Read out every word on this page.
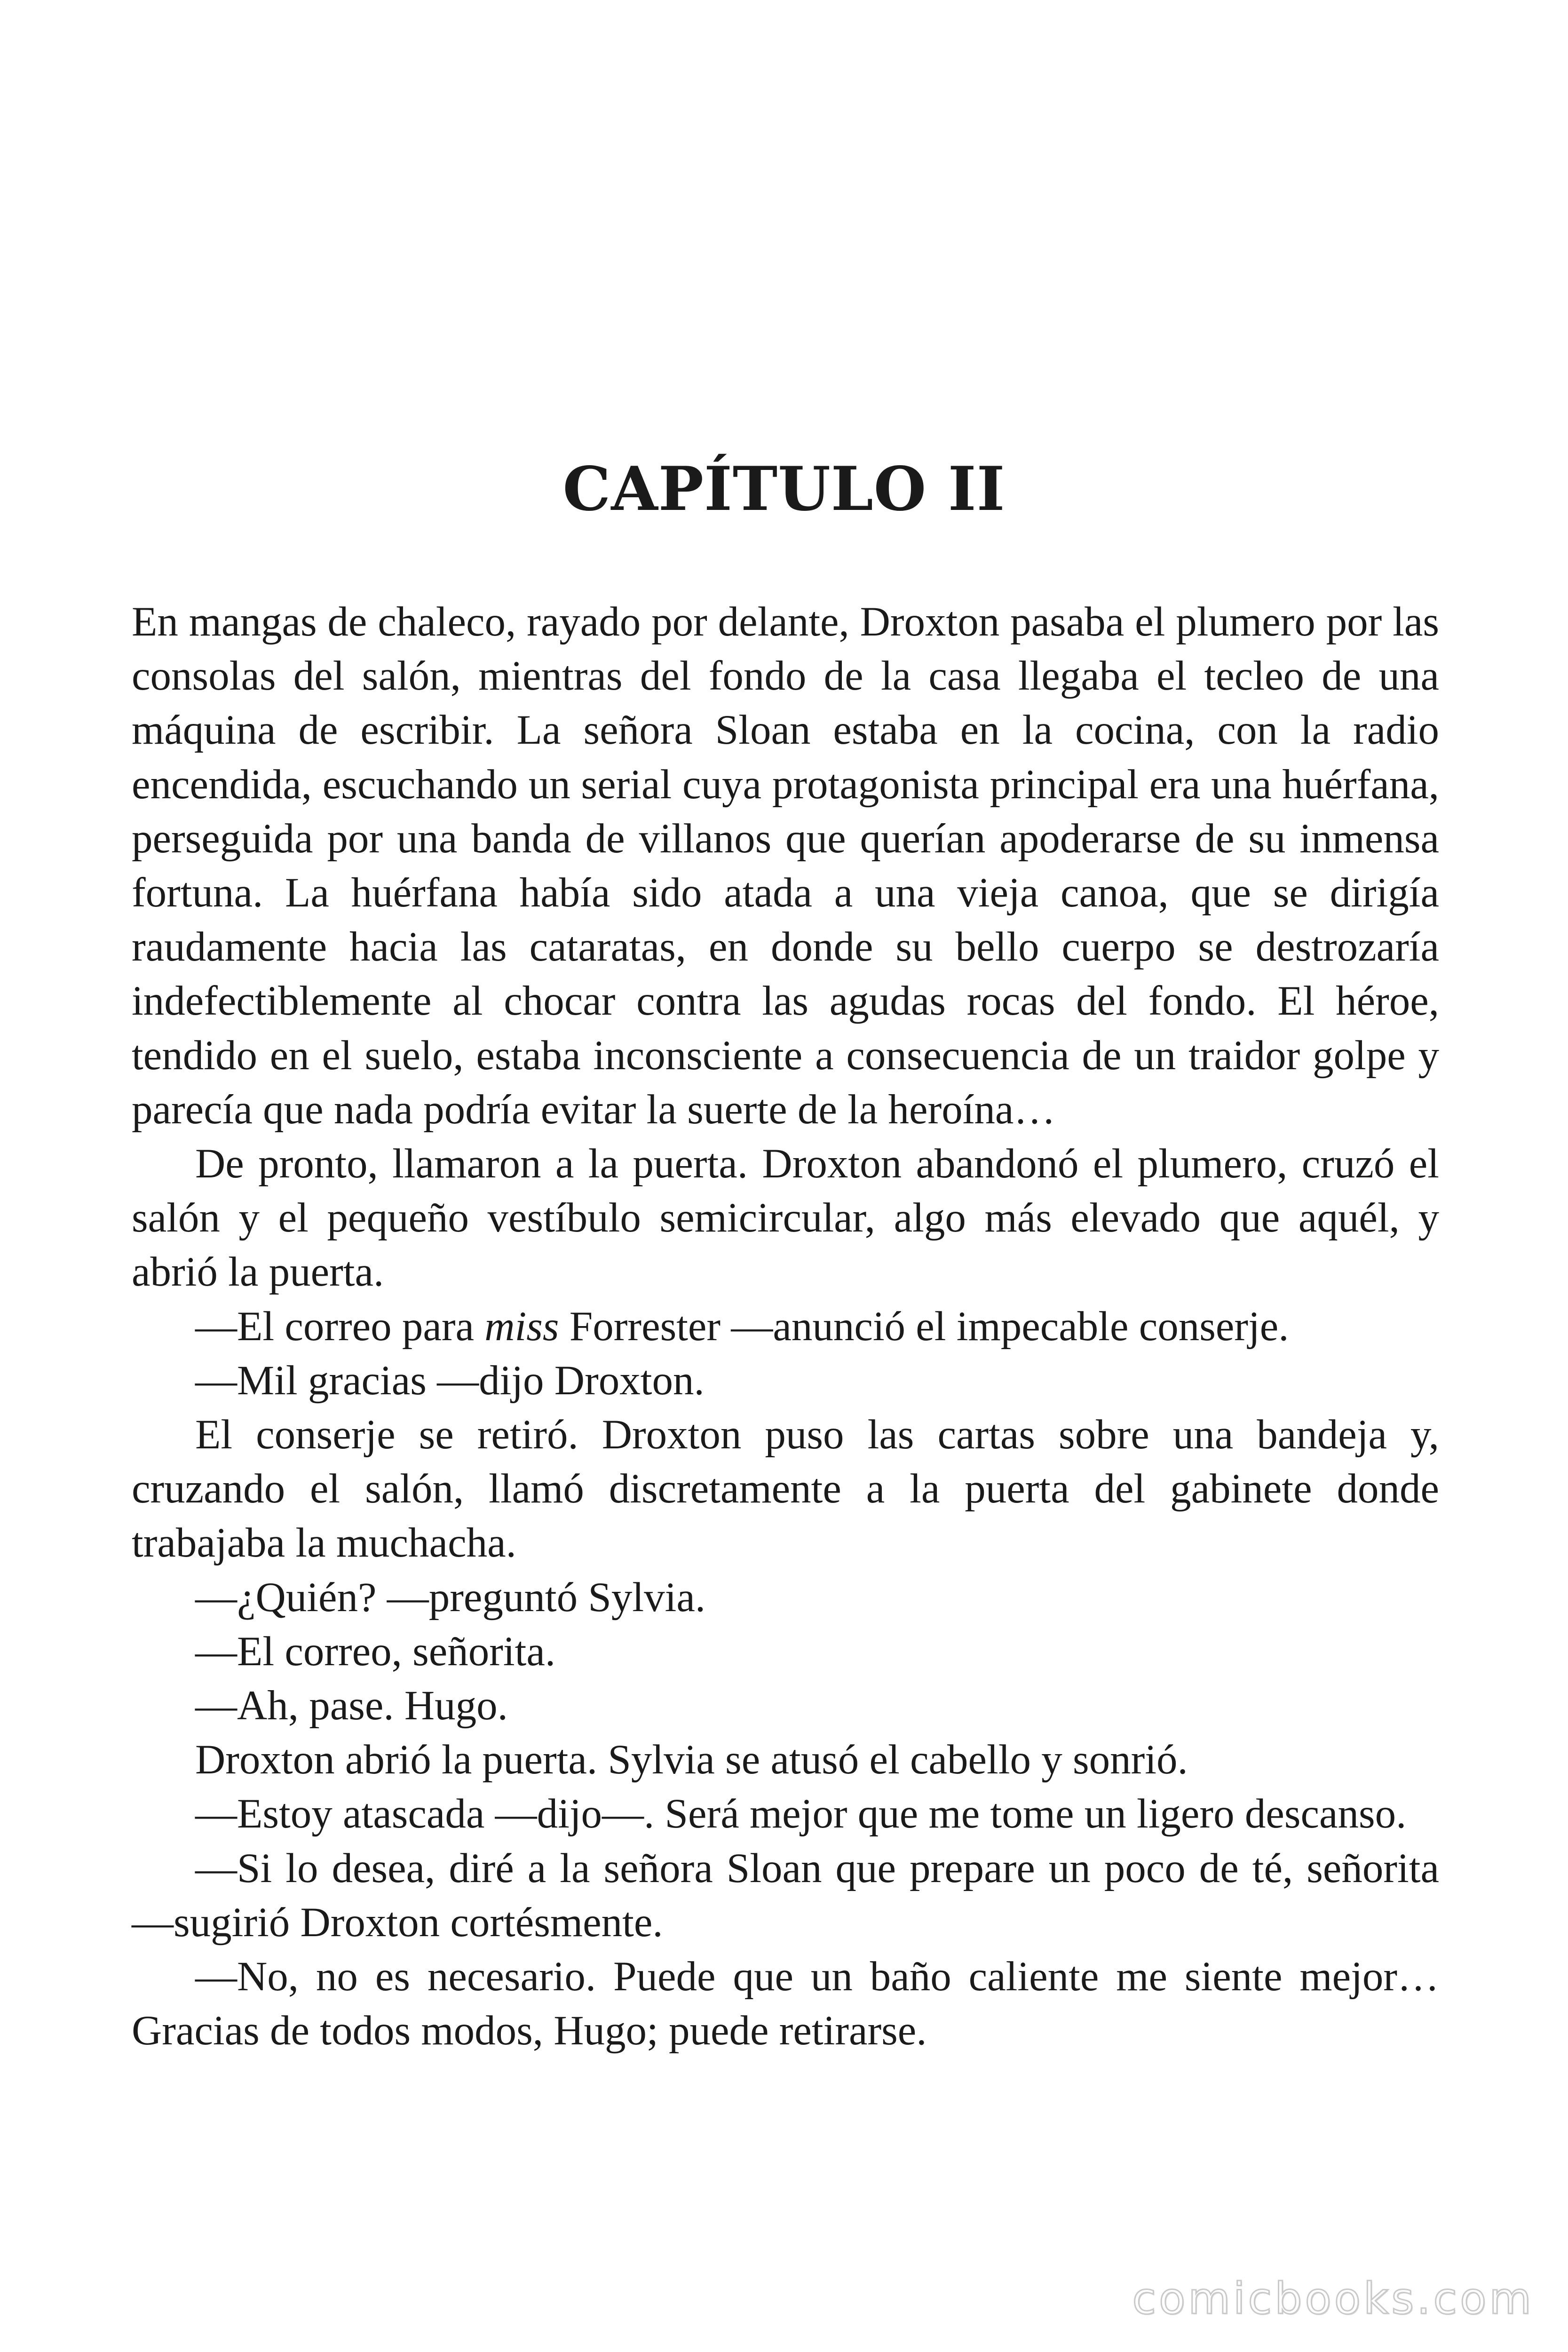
CAPÍTULO II

En mangas de chaleco, rayado por delante, Droxton pasaba el plumero por las consolas del salón, mientras del fondo de la casa llegaba el tecleo de una máquina de escribir. La señora Sloan estaba en la cocina, con la radio encendida, escuchando un serial cuya protagonista principal era una huérfana, perseguida por una banda de villanos que querían apoderarse de su inmensa fortuna. La huérfana había sido atada a una vieja canoa, que se dirigía raudamente hacia las cataratas, en donde su bello cuerpo se destrozaría indefectiblemente al chocar contra las agudas rocas del fondo. El héroe, tendido en el suelo, estaba inconsciente a consecuencia de un traidor golpe y parecía que nada podría evitar la suerte de la heroína…

De pronto, llamaron a la puerta. Droxton abandonó el plumero, cruzó el salón y el pequeño vestíbulo semicircular, algo más elevado que aquél, y abrió la puerta.

—El correo para miss Forrester —anunció el impecable conserje.

—Mil gracias —dijo Droxton.

El conserje se retiró. Droxton puso las cartas sobre una bandeja y, cruzando el salón, llamó discretamente a la puerta del gabinete donde trabajaba la muchacha.

—¿Quién? —preguntó Sylvia.

—El correo, señorita.

—Ah, pase. Hugo.

Droxton abrió la puerta. Sylvia se atusó el cabello y sonrió.

—Estoy atascada —dijo—. Será mejor que me tome un ligero descanso.

—Si lo desea, diré a la señora Sloan que prepare un poco de té, señorita —sugirió Droxton cortésmente.

—No, no es necesario. Puede que un baño caliente me siente mejor… Gracias de todos modos, Hugo; puede retirarse.

comicbooks.com
